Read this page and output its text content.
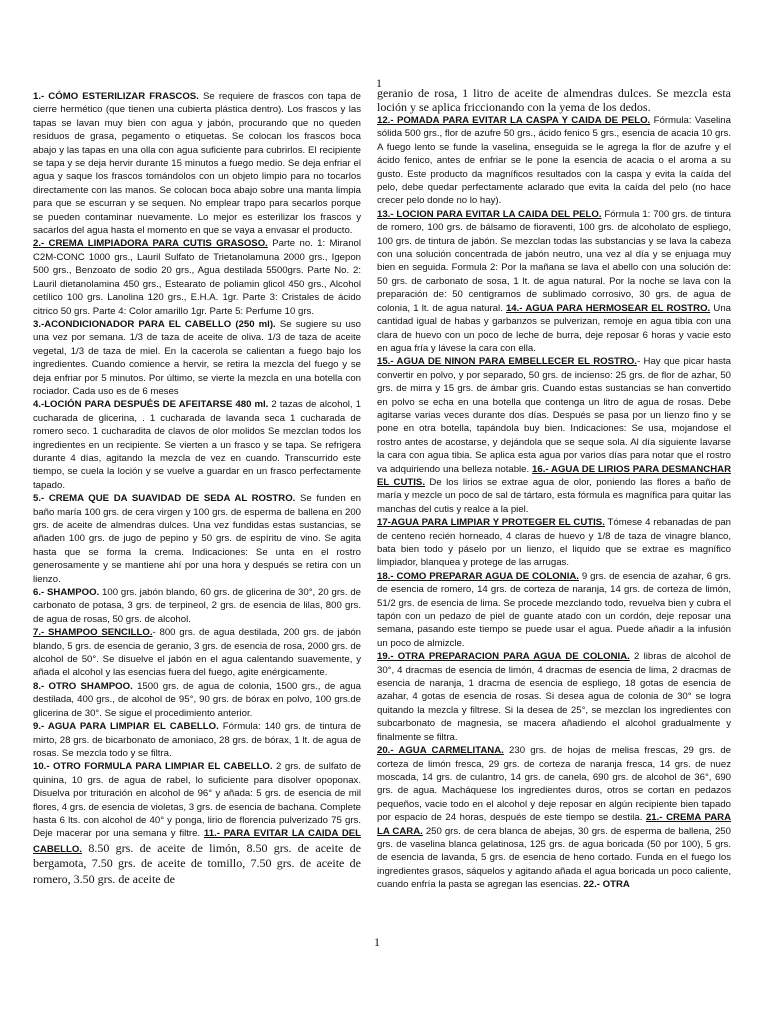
1

1.- CÓMO ESTERILIZAR FRASCOS. Se requiere de frascos con tapa de cierre hermético (que tienen una cubierta plástica dentro). Los frascos y las tapas se lavan muy bien con agua y jabón, procurando que no queden residuos de grasa, pegamento o etiquetas. Se colocan los frascos boca abajo y las tapas en una olla con agua suficiente para cubrirlos. El recipiente se tapa y se deja hervir durante 15 minutos a fuego medio. Se deja enfriar el agua y saque los frascos tomándolos con un objeto limpio para no tocarlos directamente con las manos. Se colocan boca abajo sobre una manta limpia para que se escurran y se sequen. No emplear trapo para secarlos porque se pueden contaminar nuevamente. Lo mejor es esterilizar los frascos y sacarlos del agua hasta el momento en que se vaya a envasar el producto.

2.- CREMA LIMPIADORA PARA CUTIS GRASOSO. Parte no. 1: Miranol C2M-CONC 1000 grs., Lauril Sulfato de Trietanolamuna 2000 grs., Igepon 500 grs., Benzoato de sodio 20 grs., Agua destilada 5500grs. Parte No. 2: Lauril dietanolamina 450 grs., Estearato de poliamin glicol 450 grs., Alcohol cetílico 100 grs. Lanolina 120 grs., E.H.A. 1gr. Parte 3: Cristales de ácido citrico 50 grs. Parte 4: Color amarillo 1gr. Parte 5: Perfume 10 grs.

3.-ACONDICIONADOR PARA EL CABELLO (250 ml). Se sugiere su uso una vez por semana. 1/3 de taza de aceite de oliva. 1/3 de taza de aceite vegetal, 1/3 de taza de miel. En la cacerola se calientan a fuego bajo los ingredientes. Cuando comience a hervir, se retira la mezcla del fuego y se deja enfriar por 5 minutos. Por último, se vierte la mezcla en una botella con rociador. Cada uso es de 6 meses

4.-LOCIÓN PARA DESPUÉS DE AFEITARSE 480 ml. 2 tazas de alcohol, 1 cucharada de glicerina, . 1 cucharada de lavanda seca 1 cucharada de romero seco. 1 cucharadita de clavos de olor molidos Se mezclan todos los ingredientes en un recipiente. Se vierten a un frasco y se tapa. Se refrigera durante 4 días, agitando la mezcla de vez en cuando. Transcurrido este tiempo, se cuela la loción y se vuelve a guardar en un frasco perfectamente tapado.

5.- CREMA QUE DA SUAVIDAD DE SEDA AL ROSTRO. Se funden en baño maría 100 grs. de cera virgen y 100 grs. de esperma de ballena en 200 grs. de aceite de almendras dulces. Una vez fundidas estas sustancias, se añaden 100 grs. de jugo de pepino y 50 grs. de espíritu de vino. Se agita hasta que se forma la crema. Indicaciones: Se unta en el rostro generosamente y se mantiene ahí por una hora y después se retira con un lienzo.

6.- SHAMPOO. 100 grs. jabón blando, 60 grs. de glicerina de 30°, 20 grs. de carbonato de potasa, 3 grs. de terpineol, 2 grs. de esencia de lilas, 800 grs. de agua de rosas, 50 grs. de alcohol.

7.- SHAMPOO SENCILLO.- 800 grs. de agua destilada, 200 grs. de jabón blando, 5 grs. de esencia de geranio, 3 grs. de esencia de rosa, 2000 grs. de alcohol de 50°. Se disuelve el jabón en el agua calentando suavemente, y añada el alcohol y las esencias fuera del fuego, agite enérgicamente.

8.- OTRO SHAMPOO. 1500 grs. de agua de colonia, 1500 grs., de agua destilada, 400 grs., de alcohol de 95°, 90 grs. de bórax en polvo, 100 grs.de glicerina de 30°. Se sigue el procedimiento anterior.

9.- AGUA PARA LIMPIAR EL CABELLO. Fórmula: 140 grs. de tintura de mirto, 28 grs. de bicarbonato de amoniaco, 28 grs. de bórax, 1 lt. de agua de rosas. Se mezcla todo y se filtra.

10.- OTRO FORMULA PARA LIMPIAR EL CABELLO. 2 grs. de sulfato de quinina, 10 grs. de agua de rabel, lo suficiente para disolver opoponax. Disuelva por trituración en alcohol de 96° y añada: 5 grs. de esencia de mil flores, 4 grs. de esencia de violetas, 3 grs. de esencia de bachana. Complete hasta 6 lts. con alcohol de 40° y ponga, lirio de florencia pulverizado 75 grs. Deje macerar por una semana y filtre. 11.- PARA EVITAR LA CAIDA DEL CABELLO. 8.50 grs. de aceite de limón, 8.50 grs. de aceite de bergamota, 7.50 grs. de aceite de tomillo, 7.50 grs. de aceite de romero, 3.50 grs. de aceite de

geranio de rosa, 1 litro de aceite de almendras dulces. Se mezcla esta loción y se aplica friccionando con la yema de los dedos.

12.- POMADA PARA EVITAR LA CASPA Y CAIDA DE PELO. Fórmula: Vaselina sólida 500 grs., flor de azufre 50 grs., ácido fenico 5 grs., esencia de acacia 10 grs. A fuego lento se funde la vaselina, enseguida se le agrega la flor de azufre y el ácido fenico, antes de enfriar se le pone la esencia de acacia o el aroma a su gusto. Este producto da magníficos resultados con la caspa y evita la caída del pelo, debe quedar perfectamente aclarado que evita la caída del pelo (no hace crecer pelo donde no lo hay).

13.- LOCION PARA EVITAR LA CAIDA DEL PELO. Fórmula 1: 700 grs. de tintura de romero, 100 grs. de bálsamo de fioraventi, 100 grs. de alcoholato de espliego, 100 grs. de tintura de jabón. Se mezclan todas las substancias y se lava la cabeza con una solución concentrada de jabón neutro, una vez al día y se enjuaga muy bien en seguida. Formula 2: Por la mañana se lava el abello con una solución de: 50 grs. de carbonato de sosa, 1 lt. de agua natural. Por la noche se lava con la preparación de: 50 centigramos de sublimado corrosivo, 30 grs. de agua de colonia, 1 lt. de agua natural. 14.- AGUA PARA HERMOSEAR EL ROSTRO. Una cantidad igual de habas y garbanzos se pulverizan, remoje en agua tibia con una clara de huevo con un poco de leche de burra, deje reposar 6 horas y vacie esto en agua fría y lávese la cara con ella.

15.- AGUA DE NINON PARA EMBELLECER EL ROSTRO.- Hay que picar hasta convertir en polvo, y por separado, 50 grs. de incienso: 25 grs. de flor de azhar, 50 grs. de mirra y 15 grs. de ámbar gris. Cuando estas sustancias se han convertido en polvo se echa en una botella que contenga un litro de agua de rosas. Debe agitarse varias veces durante dos días. Después se pasa por un lienzo fino y se pone en otra botella, tapándola buy bien. Indicaciones: Se usa, mojandose el rostro antes de acostarse, y dejándola que se seque sola. Al día siguiente lavarse la cara con agua tibia. Se aplica esta agua por varios días para notar que el rostro va adquiriendo una belleza notable. 16.- AGUA DE LIRIOS PARA DESMANCHAR EL CUTIS. De los lirios se extrae agua de olor, poniendo las flores a baño de maría y mezcle un poco de sal de tártaro, esta fórmula es magnífica para quitar las manchas del cutis y realce a la piel.

17-AGUA PARA LIMPIAR Y PROTEGER EL CUTIS. Tómese 4 rebanadas de pan de centeno recién horneado, 4 claras de huevo y 1/8 de taza de vinagre blanco, bata bien todo y páselo por un lienzo, el liquido que se extrae es magnífico limpiador, blanquea y protege de las arrugas.

18.- COMO PREPARAR AGUA DE COLONIA. 9 grs. de esencia de azahar, 6 grs. de esencia de romero, 14 grs. de corteza de naranja, 14 grs. de corteza de limón, 51/2 grs. de esencia de lima. Se procede mezclando todo, revuelva bien y cubra el tapón con un pedazo de piel de guante atado con un cordón, deje reposar una semana, pasando este tiempo se puede usar el agua. Puede añadir a la infusión un poco de almizcle.

19.- OTRA PREPARACION PARA AGUA DE COLONIA. 2 libras de alcohol de 30°, 4 dracmas de esencia de limón, 4 dracmas de esencia de lima, 2 dracmas de esencia de naranja, 1 dracma de esencia de espliego, 18 gotas de esencia de azahar, 4 gotas de esencia de rosas. Si desea agua de colonia de 30° se logra quitando la mezcla y filtrese. Si la desea de 25°, se mezclan los ingredientes con subcarbonato de magnesia, se macera añadiendo el alcohol gradualmente y finalmente se filtra.

20.- AGUA CARMELITANA. 230 grs. de hojas de melisa frescas, 29 grs. de corteza de limón fresca, 29 grs. de corteza de naranja fresca, 14 grs. de nuez moscada, 14 grs. de culantro, 14 grs. de canela, 690 grs. de alcohol de 36°, 690 grs. de agua. Macháquese los ingredientes duros, otros se cortan en pedazos pequeños, vacie todo en el alcohol y deje reposar en algún recipiente bien tapado por espacio de 24 horas, después de este tiempo se destila. 21.- CREMA PARA LA CARA. 250 grs. de cera blanca de abejas, 30 grs. de esperma de ballena, 250 grs. de vaselina blanca gelatinosa, 125 grs. de agua boricada (50 por 100), 5 grs. de esencia de lavanda, 5 grs. de esencia de heno cortado. Funda en el fuego los ingredientes grasos, sáquelos y agitando añada el agua boricada un poco caliente, cuando enfría la pasta se agregan las esencias. 22.- OTRA

1
